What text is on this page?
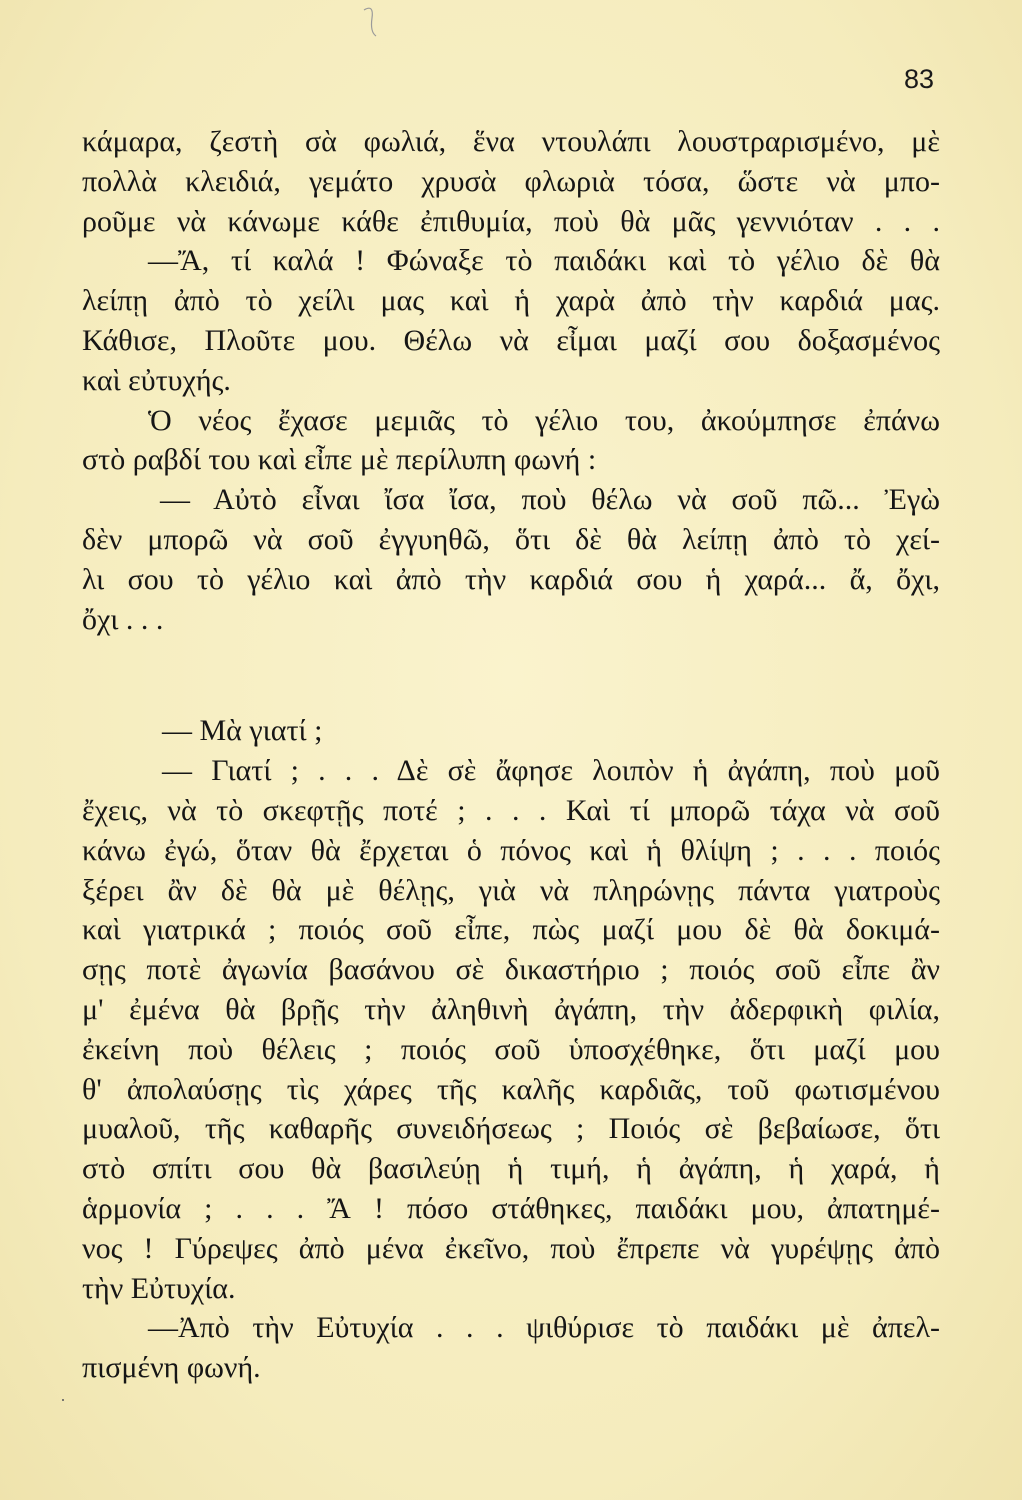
83
κάμαρα, ζεστὴ σὰ φωλιά, ἕνα ντουλάπι λουστραρισμένο, μὲ
πολλὰ κλειδιά, γεμάτο χρυσὰ φλωριὰ τόσα, ὥστε νὰ μπο-
ροῦμε νὰ κάνωμε κάθε ἐπιθυμία, ποὺ θὰ μᾶς γεννιόταν . . .
—Ἄ, τί καλά ! Φώναξε τὸ παιδάκι καὶ τὸ γέλιο δὲ θὰ
λείπῃ ἀπὸ τὸ χείλι μας καὶ ἡ χαρὰ ἀπὸ τὴν καρδιά μας.
Κάθισε, Πλοῦτε μου. Θέλω νὰ εἶμαι μαζί σου δοξασμένος
καὶ εὐτυχής.
Ὁ νέος ἔχασε μεμιᾶς τὸ γέλιο του, ἀκούμπησε ἐπάνω
στὸ ραβδί του καὶ εἶπε μὲ περίλυπη φωνή :
— Αὐτὸ εἶναι ἴσα ἴσα, ποὺ θέλω νὰ σοῦ πῶ... Ἐγὼ
δὲν μπορῶ νὰ σοῦ ἐγγυηθῶ, ὅτι δὲ θὰ λείπῃ ἀπὸ τὸ χεί-
λι σου τὸ γέλιο καὶ ἀπὸ τὴν καρδιά σου ἡ χαρά... ἄ, ὄχι,
ὄχι . . .
— Μὰ γιατί ;
— Γιατί ; . . . Δὲ σὲ ἄφησε λοιπὸν ἡ ἀγάπη, ποὺ μοῦ
ἔχεις, νὰ τὸ σκεφτῇς ποτέ ; . . . Καὶ τί μπορῶ τάχα νὰ σοῦ
κάνω ἐγώ, ὅταν θὰ ἔρχεται ὁ πόνος καὶ ἡ θλίψη ; . . . ποιός
ξέρει ἂν δὲ θὰ μὲ θέλῃς, γιὰ νὰ πληρώνῃς πάντα γιατροὺς
καὶ γιατρικά ; ποιός σοῦ εἶπε, πὼς μαζί μου δὲ θὰ δοκιμά-
σῃς ποτὲ ἀγωνία βασάνου σὲ δικαστήριο ; ποιός σοῦ εἶπε ἂν
μ' ἐμένα θὰ βρῇς τὴν ἀληθινὴ ἀγάπη, τὴν ἀδερφικὴ φιλία,
ἐκείνη ποὺ θέλεις ; ποιός σοῦ ὑποσχέθηκε, ὅτι μαζί μου
θ' ἀπολαύσῃς τὶς χάρες τῆς καλῆς καρδιᾶς, τοῦ φωτισμένου
μυαλοῦ, τῆς καθαρῆς συνειδήσεως ; Ποιός σὲ βεβαίωσε, ὅτι
στὸ σπίτι σου θὰ βασιλεύῃ ἡ τιμή, ἡ ἀγάπη, ἡ χαρά, ἡ
ἁρμονία ; . . . Ἄ ! πόσο στάθηκες, παιδάκι μου, ἀπατημέ-
νος ! Γύρεψες ἀπὸ μένα ἐκεῖνο, ποὺ ἔπρεπε νὰ γυρέψῃς ἀπὸ
τὴν Εὐτυχία.
—Ἀπὸ τὴν Εὐτυχία . . . ψιθύρισε τὸ παιδάκι μὲ ἀπελ-
πισμένη φωνή.
·
